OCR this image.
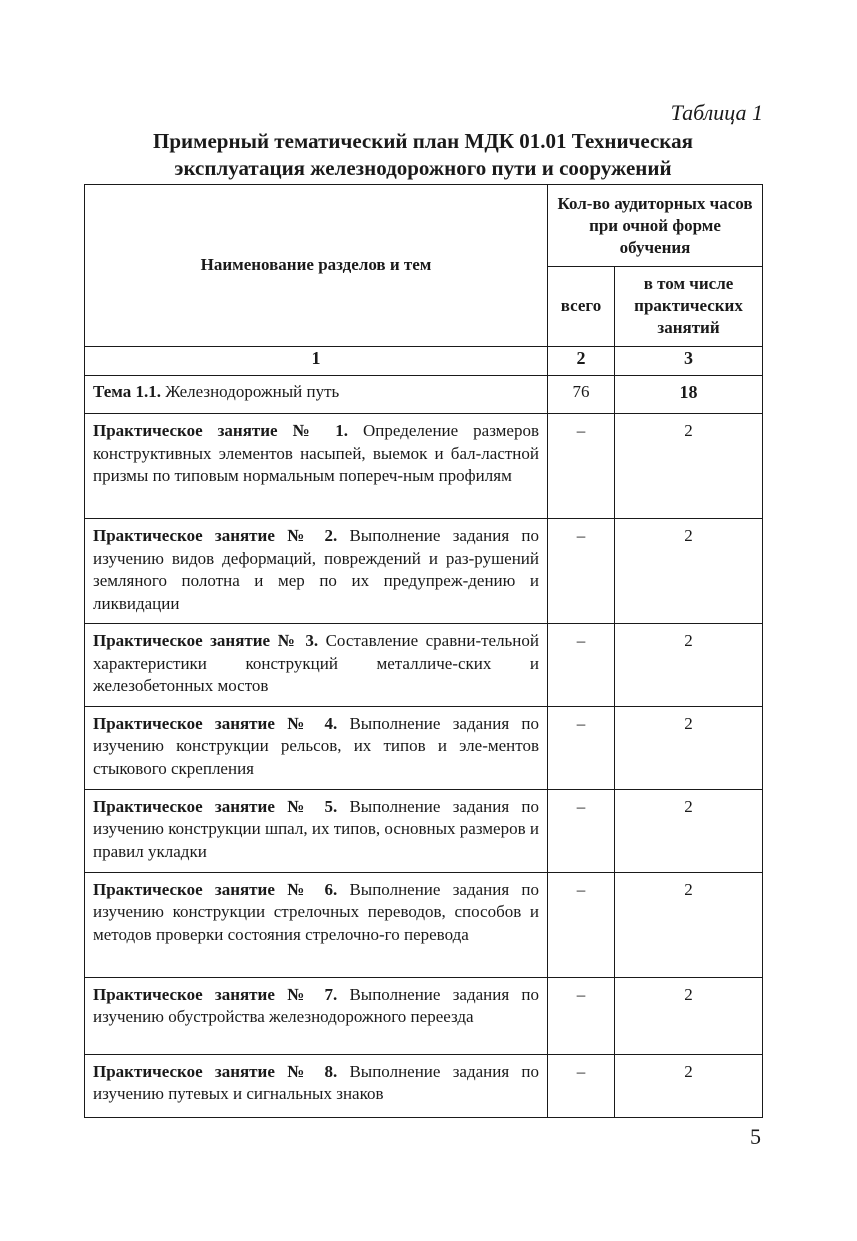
Таблица 1
Примерный тематический план МДК 01.01 Техническая
эксплуатация железнодорожного пути и сооружений
Наименование разделов и тем	Кол-во аудиторных часов при очной форме обучения	
	всего	в том числе практических занятий
1	2	3
Тема 1.1. Железнодорожный путь	76	18
Практическое занятие № 1. Определение размеров конструктивных элементов насыпей, выемок и бал-ластной призмы по типовым нормальным попереч-ным профилям	–	2
Практическое занятие № 2. Выполнение задания по изучению видов деформаций, повреждений и раз-рушений земляного полотна и мер по их предупреж-дению и ликвидации	–	2
Практическое занятие № 3. Составление сравни-тельной характеристики конструкций металличе-ских и железобетонных мостов	–	2
Практическое занятие № 4. Выполнение задания по изучению конструкции рельсов, их типов и эле-ментов стыкового скрепления	–	2
Практическое занятие № 5. Выполнение задания по изучению конструкции шпал, их типов, основных размеров и правил укладки	–	2
Практическое занятие № 6. Выполнение задания по изучению конструкции стрелочных переводов, способов и методов проверки состояния стрелочно-го перевода	–	2
Практическое занятие № 7. Выполнение задания по изучению обустройства железнодорожного переезда	–	2
Практическое занятие № 8. Выполнение задания по изучению путевых и сигнальных знаков	–	2
5
